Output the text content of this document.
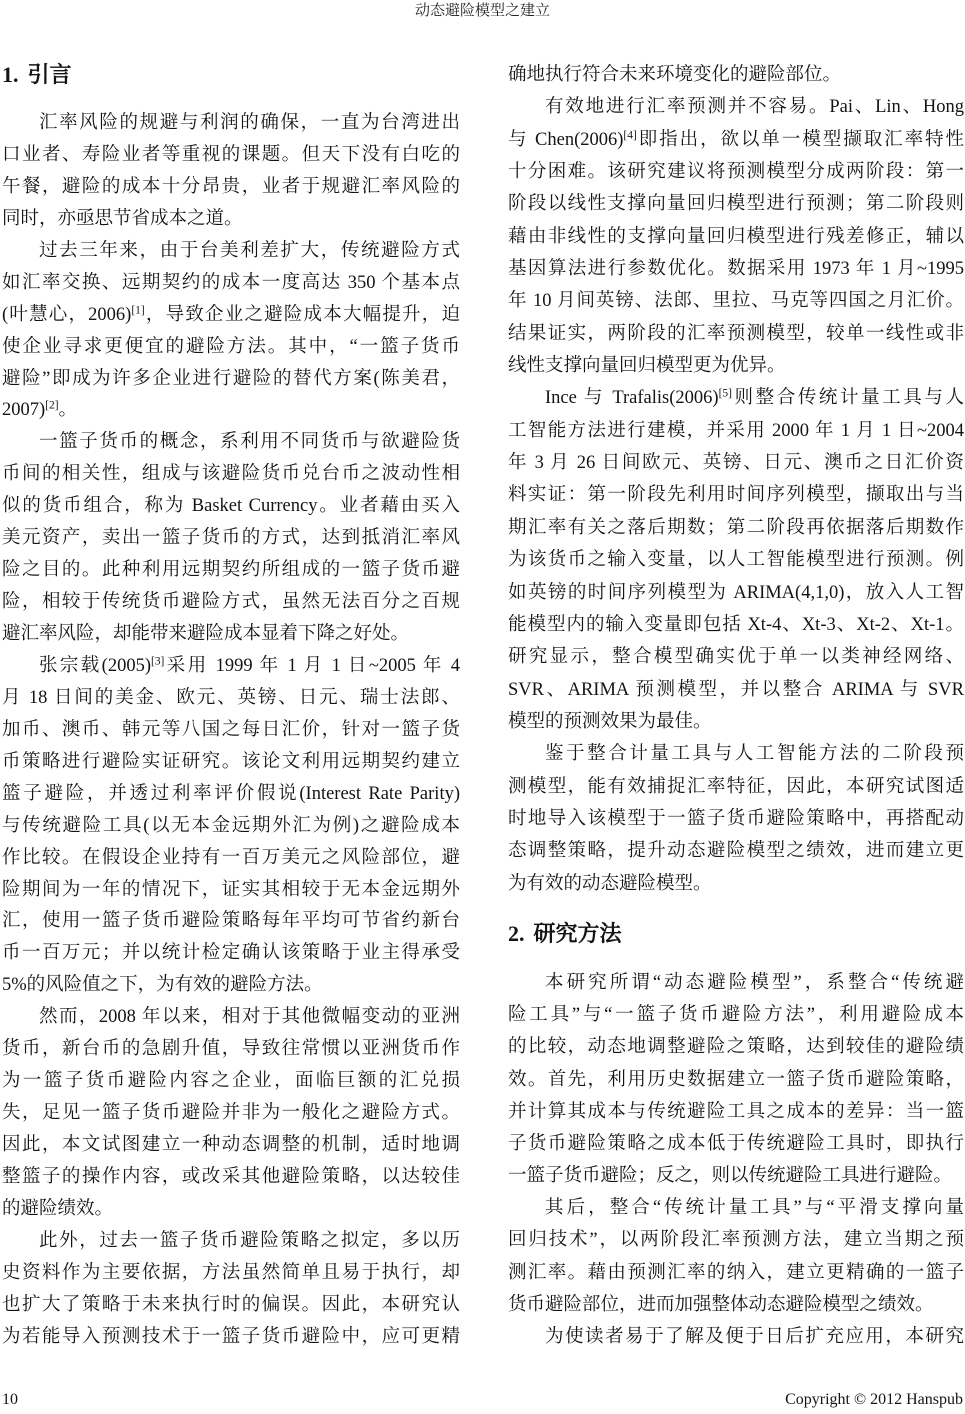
动态避险模型之建立
1. 引言
汇率风险的规避与利润的确保，一直为台湾进出
口业者、寿险业者等重视的课题。但天下没有白吃的
午餐，避险的成本十分昂贵，业者于规避汇率风险的
同时，亦亟思节省成本之道。
过去三年来，由于台美利差扩大，传统避险方式
如汇率交换、远期契约的成本一度高达 350 个基本点
(叶慧心，2006)[1]，导致企业之避险成本大幅提升，迫
使企业寻求更便宜的避险方法。其中，“一篮子货币
避险”即成为许多企业进行避险的替代方案(陈美君，
2007)[2]。
一篮子货币的概念，系利用不同货币与欲避险货
币间的相关性，组成与该避险货币兑台币之波动性相
似的货币组合，称为 Basket Currency。业者藉由买入
美元资产，卖出一篮子货币的方式，达到抵消汇率风
险之目的。此种利用远期契约所组成的一篮子货币避
险，相较于传统货币避险方式，虽然无法百分之百规
避汇率风险，却能带来避险成本显着下降之好处。
张宗载(2005)[3]采用 1999 年 1 月 1 日~2005 年 4
月 18 日间的美金、欧元、英镑、日元、瑞士法郎、
加币、澳币、韩元等八国之每日汇价，针对一篮子货
币策略进行避险实证研究。该论文利用远期契约建立
篮子避险，并透过利率评价假说(Interest Rate Parity)
与传统避险工具(以无本金远期外汇为例)之避险成本
作比较。在假设企业持有一百万美元之风险部位，避
险期间为一年的情况下，证实其相较于无本金远期外
汇，使用一篮子货币避险策略每年平均可节省约新台
币一百万元；并以统计检定确认该策略于业主得承受
5%的风险值之下，为有效的避险方法。
然而，2008 年以来，相对于其他微幅变动的亚洲
货币，新台币的急剧升值，导致往常惯以亚洲货币作
为一篮子货币避险内容之企业，面临巨额的汇兑损
失，足见一篮子货币避险并非为一般化之避险方式。
因此，本文试图建立一种动态调整的机制，适时地调
整篮子的操作内容，或改采其他避险策略，以达较佳
的避险绩效。
此外，过去一篮子货币避险策略之拟定，多以历
史资料作为主要依据，方法虽然简单且易于执行，却
也扩大了策略于未来执行时的偏误。因此，本研究认
为若能导入预测技术于一篮子货币避险中，应可更精
确地执行符合未来环境变化的避险部位。
有效地进行汇率预测并不容易。Pai、Lin、Hong
与 Chen(2006)[4]即指出，欲以单一模型撷取汇率特性
十分困难。该研究建议将预测模型分成两阶段：第一
阶段以线性支撑向量回归模型进行预测；第二阶段则
藉由非线性的支撑向量回归模型进行残差修正，辅以
基因算法进行参数优化。数据采用 1973 年 1 月~1995
年 10 月间英镑、法郎、里拉、马克等四国之月汇价。
结果证实，两阶段的汇率预测模型，较单一线性或非
线性支撑向量回归模型更为优异。
Ince 与 Trafalis(2006)[5]则整合传统计量工具与人
工智能方法进行建模，并采用 2000 年 1 月 1 日~2004
年 3 月 26 日间欧元、英镑、日元、澳币之日汇价资
料实证：第一阶段先利用时间序列模型，撷取出与当
期汇率有关之落后期数；第二阶段再依据落后期数作
为该货币之输入变量，以人工智能模型进行预测。例
如英镑的时间序列模型为 ARIMA(4,1,0)，放入人工智
能模型内的输入变量即包括 Xt-4、Xt-3、Xt-2、Xt-1。
研究显示，整合模型确实优于单一以类神经网络、
SVR、ARIMA 预测模型，并以整合 ARIMA 与 SVR
模型的预测效果为最佳。
鉴于整合计量工具与人工智能方法的二阶段预
测模型，能有效捕捉汇率特征，因此，本研究试图适
时地导入该模型于一篮子货币避险策略中，再搭配动
态调整策略，提升动态避险模型之绩效，进而建立更
为有效的动态避险模型。
2. 研究方法
本研究所谓“动态避险模型”，系整合“传统避
险工具”与“一篮子货币避险方法”，利用避险成本
的比较，动态地调整避险之策略，达到较佳的避险绩
效。首先，利用历史数据建立一篮子货币避险策略，
并计算其成本与传统避险工具之成本的差异：当一篮
子货币避险策略之成本低于传统避险工具时，即执行
一篮子货币避险；反之，则以传统避险工具进行避险。
其后，整合“传统计量工具”与“平滑支撑向量
回归技术”，以两阶段汇率预测方法，建立当期之预
测汇率。藉由预测汇率的纳入，建立更精确的一篮子
货币避险部位，进而加强整体动态避险模型之绩效。
为使读者易于了解及便于日后扩充应用，本研究
10	Copyright © 2012 Hanspub
